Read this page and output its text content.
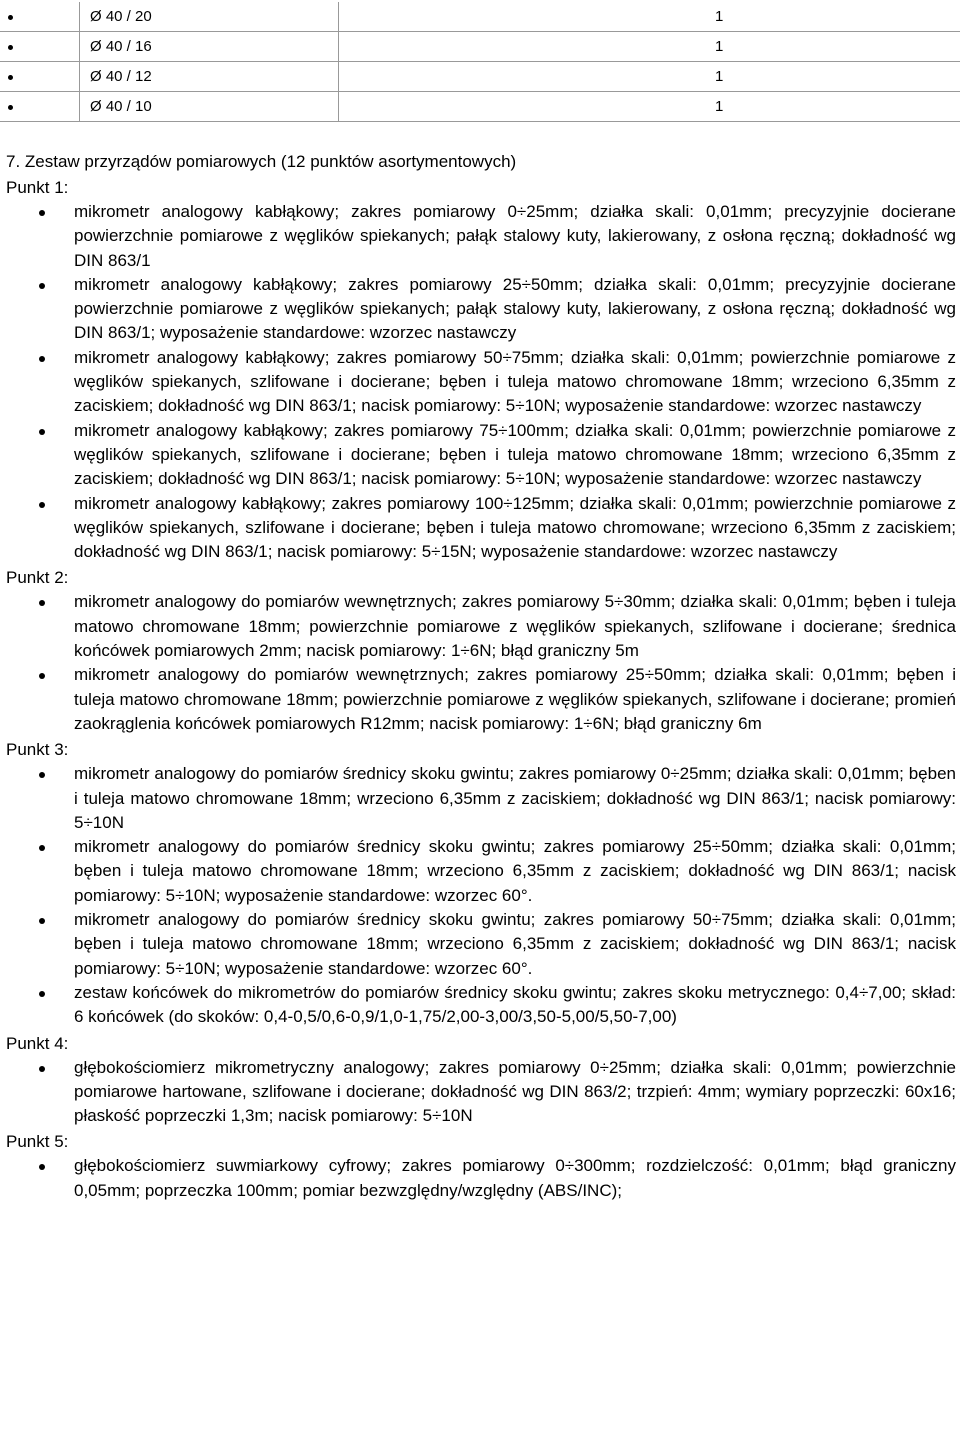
	Ø 40 / 20	1

	Ø 40 / 16	1

	Ø 40 / 12	1

	Ø 40 / 10	1
7. Zestaw przyrządów pomiarowych (12 punktów asortymentowych)
Punkt 1:
mikrometr analogowy kabłąkowy; zakres pomiarowy 0÷25mm; działka skali: 0,01mm; precyzyjnie docierane powierzchnie pomiarowe z węglików spiekanych; pałąk stalowy kuty, lakierowany, z osłona ręczną; dokładność wg DIN 863/1
mikrometr analogowy kabłąkowy; zakres pomiarowy 25÷50mm; działka skali: 0,01mm; precyzyjnie docierane powierzchnie pomiarowe z węglików spiekanych; pałąk stalowy kuty, lakierowany, z osłona ręczną; dokładność wg DIN 863/1; wyposażenie standardowe: wzorzec nastawczy
mikrometr analogowy kabłąkowy; zakres pomiarowy 50÷75mm; działka skali: 0,01mm; powierzchnie pomiarowe z węglików spiekanych, szlifowane i docierane; bęben i tuleja matowo chromowane 18mm; wrzeciono 6,35mm z zaciskiem; dokładność wg DIN 863/1; nacisk pomiarowy: 5÷10N; wyposażenie standardowe: wzorzec nastawczy
mikrometr analogowy kabłąkowy; zakres pomiarowy 75÷100mm; działka skali: 0,01mm; powierzchnie pomiarowe z węglików spiekanych, szlifowane i docierane; bęben i tuleja matowo chromowane 18mm; wrzeciono 6,35mm z zaciskiem; dokładność wg DIN 863/1; nacisk pomiarowy: 5÷10N; wyposażenie standardowe: wzorzec nastawczy
mikrometr analogowy kabłąkowy; zakres pomiarowy 100÷125mm; działka skali: 0,01mm; powierzchnie pomiarowe z węglików spiekanych, szlifowane i docierane; bęben i tuleja matowo chromowane; wrzeciono 6,35mm z zaciskiem; dokładność wg DIN 863/1; nacisk pomiarowy: 5÷15N; wyposażenie standardowe: wzorzec nastawczy
Punkt 2:
mikrometr analogowy do pomiarów wewnętrznych; zakres pomiarowy 5÷30mm; działka skali: 0,01mm; bęben i tuleja matowo chromowane 18mm; powierzchnie pomiarowe z węglików spiekanych, szlifowane i docierane; średnica końcówek pomiarowych 2mm; nacisk pomiarowy: 1÷6N; błąd graniczny 5m
mikrometr analogowy do pomiarów wewnętrznych; zakres pomiarowy 25÷50mm; działka skali: 0,01mm; bęben i tuleja matowo chromowane 18mm; powierzchnie pomiarowe z węglików spiekanych, szlifowane i docierane; promień zaokrąglenia końcówek pomiarowych R12mm; nacisk pomiarowy: 1÷6N; błąd graniczny 6m
Punkt 3:
mikrometr analogowy do pomiarów średnicy skoku gwintu; zakres pomiarowy 0÷25mm; działka skali: 0,01mm; bęben i tuleja matowo chromowane 18mm; wrzeciono 6,35mm z zaciskiem; dokładność wg DIN 863/1; nacisk pomiarowy: 5÷10N
mikrometr analogowy do pomiarów średnicy skoku gwintu; zakres pomiarowy 25÷50mm; działka skali: 0,01mm; bęben i tuleja matowo chromowane 18mm; wrzeciono 6,35mm z zaciskiem; dokładność wg DIN 863/1; nacisk pomiarowy: 5÷10N; wyposażenie standardowe: wzorzec 60°.
mikrometr analogowy do pomiarów średnicy skoku gwintu; zakres pomiarowy 50÷75mm; działka skali: 0,01mm; bęben i tuleja matowo chromowane 18mm; wrzeciono 6,35mm z zaciskiem; dokładność wg DIN 863/1; nacisk pomiarowy: 5÷10N; wyposażenie standardowe: wzorzec 60°.
zestaw końcówek do mikrometrów do pomiarów średnicy skoku gwintu; zakres skoku metrycznego: 0,4÷7,00; skład: 6 końcówek (do skoków: 0,4-0,5/0,6-0,9/1,0-1,75/2,00-3,00/3,50-5,00/5,50-7,00)
Punkt 4:
głębokościomierz mikrometryczny analogowy; zakres pomiarowy 0÷25mm; działka skali: 0,01mm; powierzchnie pomiarowe hartowane, szlifowane i docierane; dokładność wg DIN 863/2; trzpień: 4mm; wymiary poprzeczki: 60x16; płaskość poprzeczki 1,3m; nacisk pomiarowy: 5÷10N
Punkt 5:
głębokościomierz suwmiarkowy cyfrowy; zakres pomiarowy 0÷300mm; rozdzielczość: 0,01mm; błąd graniczny 0,05mm; poprzeczka 100mm; pomiar bezwzględny/względny (ABS/INC);
